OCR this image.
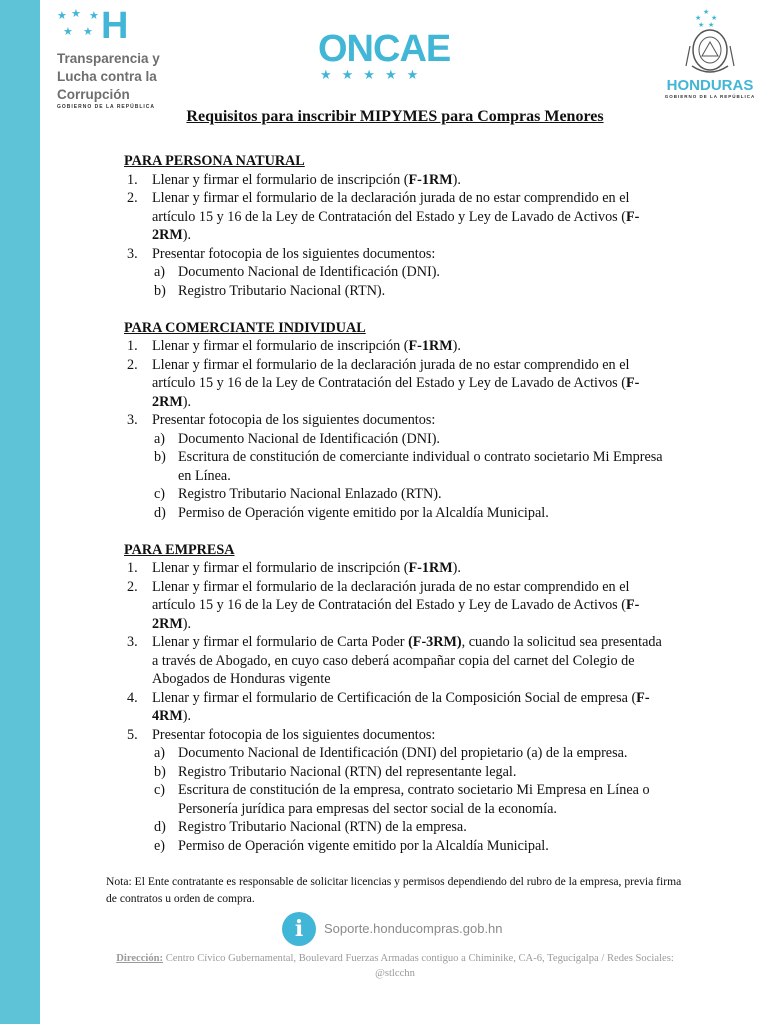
★ ★ ★
★ ★ H
Transparencia y
Lucha contra la
Corrupción
GOBIERNO DE LA REPÚBLICA
ONCAE
★★★★★
★
★ ★
★ ★
HONDURAS
GOBIERNO DE LA REPÚBLICA
Requisitos para inscribir MIPYMES para Compras Menores
PARA PERSONA NATURAL
1. Llenar y firmar el formulario de inscripción (F-1RM).
2. Llenar y firmar el formulario de la declaración jurada de no estar comprendido en el artículo 15 y 16 de la Ley de Contratación del Estado y Ley de Lavado de Activos (F-2RM).
3. Presentar fotocopia de los siguientes documentos:
a) Documento Nacional de Identificación (DNI).
b) Registro Tributario Nacional (RTN).
PARA COMERCIANTE INDIVIDUAL
1. Llenar y firmar el formulario de inscripción (F-1RM).
2. Llenar y firmar el formulario de la declaración jurada de no estar comprendido en el artículo 15 y 16 de la Ley de Contratación del Estado y Ley de Lavado de Activos (F-2RM).
3. Presentar fotocopia de los siguientes documentos:
a) Documento Nacional de Identificación (DNI).
b) Escritura de constitución de comerciante individual o contrato societario Mi Empresa en Línea.
c) Registro Tributario Nacional Enlazado (RTN).
d) Permiso de Operación vigente emitido por la Alcaldía Municipal.
PARA EMPRESA
1. Llenar y firmar el formulario de inscripción (F-1RM).
2. Llenar y firmar el formulario de la declaración jurada de no estar comprendido en el artículo 15 y 16 de la Ley de Contratación del Estado y Ley de Lavado de Activos (F-2RM).
3. Llenar y firmar el formulario de Carta Poder (F-3RM), cuando la solicitud sea presentada a través de Abogado, en cuyo caso deberá acompañar copia del carnet del Colegio de Abogados de Honduras vigente
4. Llenar y firmar el formulario de Certificación de la Composición Social de empresa (F-4RM).
5. Presentar fotocopia de los siguientes documentos:
a) Documento Nacional de Identificación (DNI) del propietario (a) de la empresa.
b) Registro Tributario Nacional (RTN) del representante legal.
c) Escritura de constitución de la empresa, contrato societario Mi Empresa en Línea o Personería jurídica para empresas del sector social de la economía.
d) Registro Tributario Nacional (RTN) de la empresa.
e) Permiso de Operación vigente emitido por la Alcaldía Municipal.
Nota: El Ente contratante es responsable de solicitar licencias y permisos dependiendo del rubro de la empresa, previa firma de contratos u orden de compra.
i	Soporte.honducompras.gob.hn
Dirección: Centro Cívico Gubernamental, Boulevard Fuerzas Armadas contiguo a Chiminike, CA-6, Tegucigalpa / Redes Sociales: @stlcchn
